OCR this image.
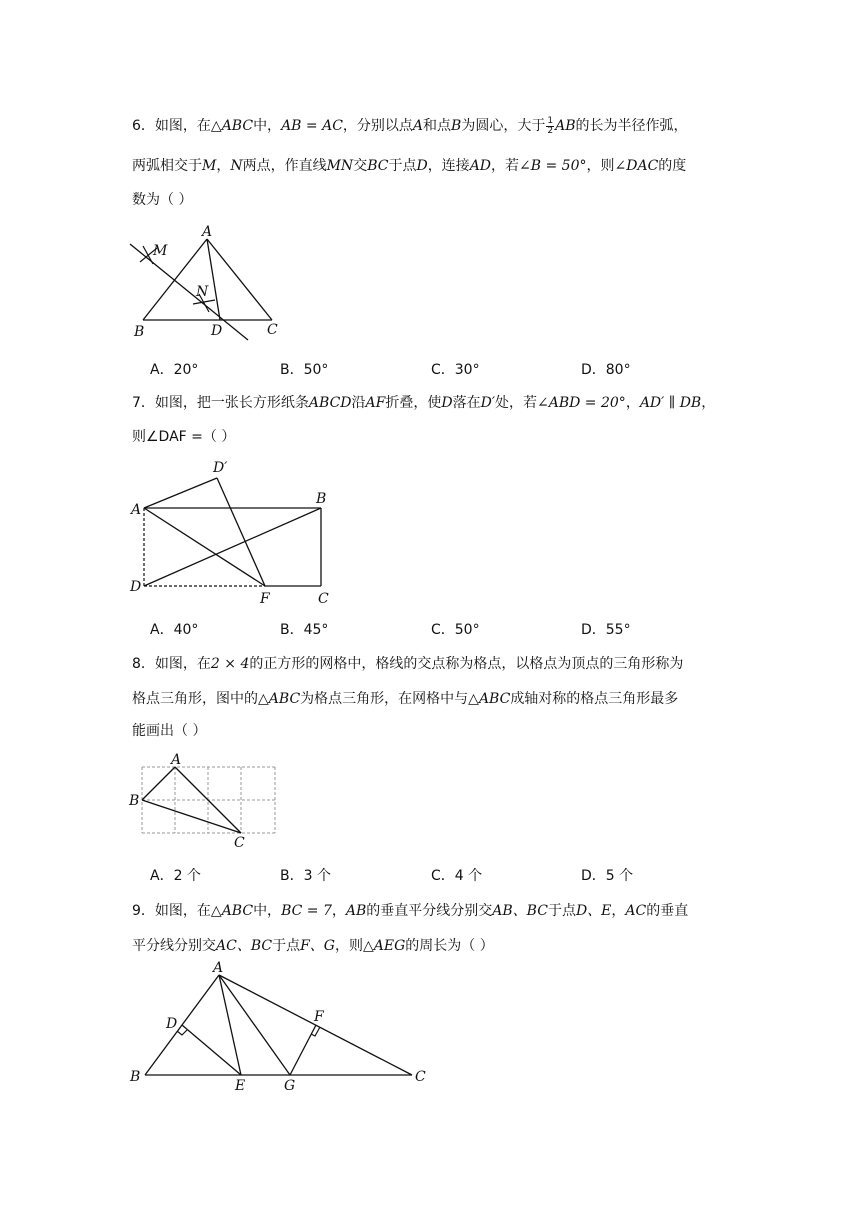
6．如图，在△ABC中，AB = AC，分别以点A和点B为圆心，大于 $\frac{1}{2}$ AB的长为半径作弧，
两弧相交于M，N两点，作直线MN交BC于点D，连接AD，若∠B = 50°，则∠DAC的度
数为（ ）
A
M
N
B	D	C
A．20°	B．50°	C．30°	D．80°
7．如图，把一张长方形纸条ABCD沿AF折叠，使D落在D′处，若∠ABD = 20°，AD′ ∥ DB，
则∠DAF =（ ）
D′
A
B
D
F	C
A．40°	B．45°	C．50°	D．55°
8．如图，在2 × 4的正方形的网格中，格线的交点称为格点，以格点为顶点的三角形称为
格点三角形，图中的△ABC为格点三角形，在网格中与△ABC成轴对称的格点三角形最多
能画出（ ）
A
B
C
A．2 个	B．3 个	C．4 个	D．5 个
9．如图，在△ABC中，BC = 7，AB的垂直平分线分别交AB、BC于点D、E，AC的垂直
平分线分别交AC、BC于点F、G，则△AEG的周长为（ ）
A
D	F
B
E	G
C
